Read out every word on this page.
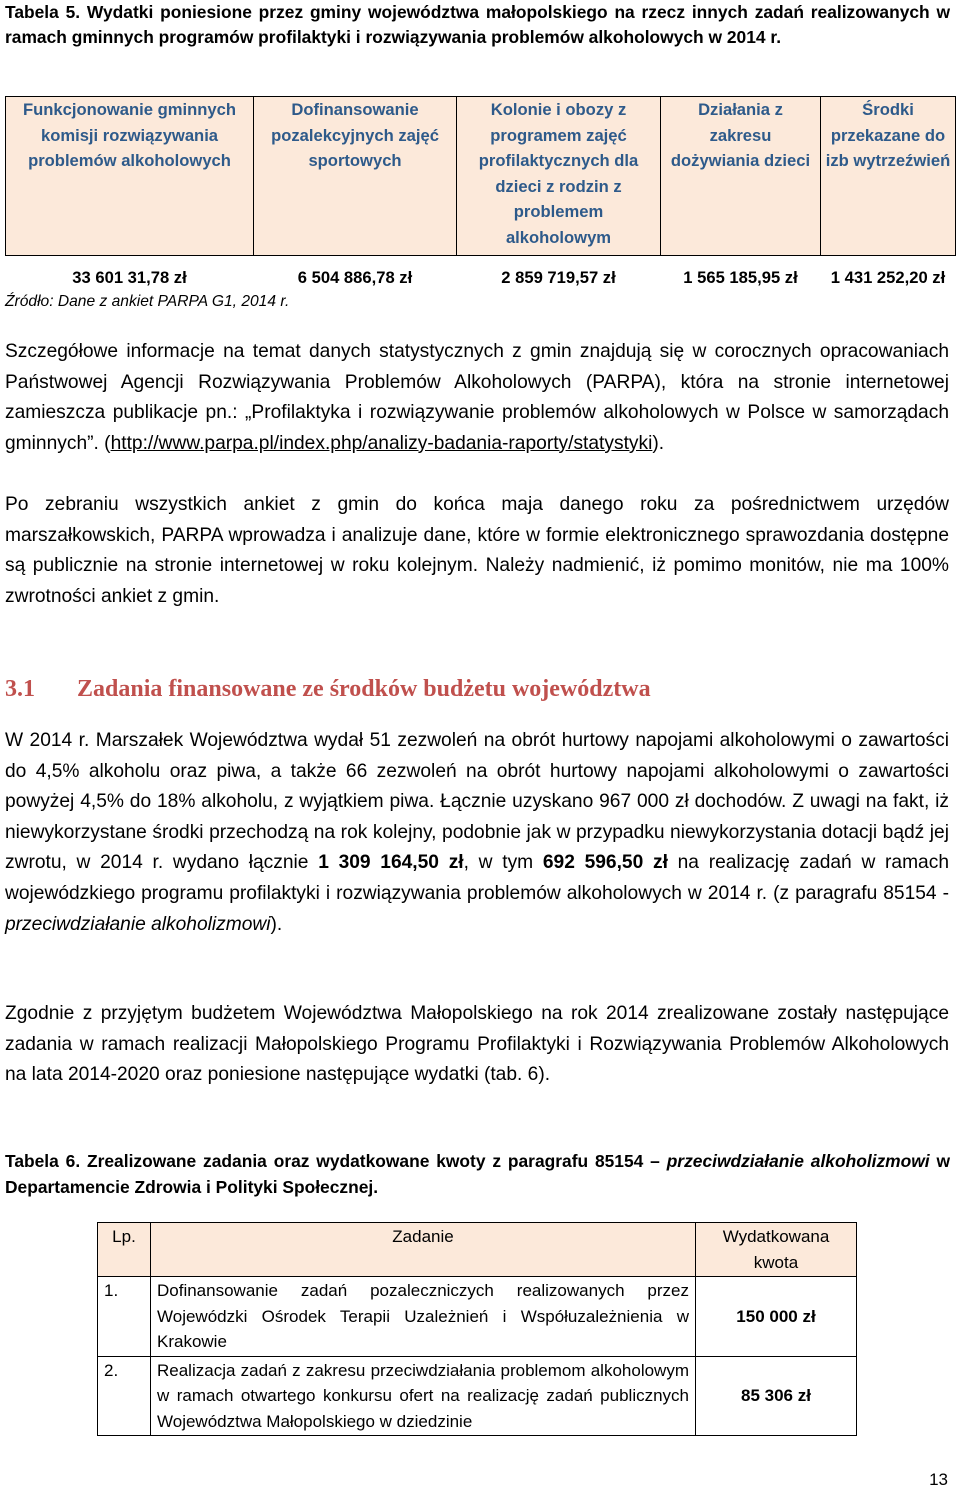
Tabela 5. Wydatki poniesione przez gminy województwa małopolskiego na rzecz innych zadań realizowanych w ramach gminnych programów profilaktyki i rozwiązywania problemów alkoholowych w 2014 r.
Funkcjonowanie gminnych komisji rozwiązywania problemów alkoholowych	Dofinansowanie pozalekcyjnych zajęć sportowych	Kolonie i obozy z programem zajęć profilaktycznych dla dzieci z rodzin z problemem alkoholowym	Działania z zakresu dożywiania dzieci	Środki przekazane do izb wytrzeźwień
33 601 31,78 zł	6 504 886,78 zł	2 859 719,57 zł	1 565 185,95 zł	1 431 252,20 zł
Źródło: Dane z ankiet PARPA G1, 2014 r.
Szczegółowe informacje na temat danych statystycznych z gmin znajdują się w corocznych opracowaniach Państwowej Agencji Rozwiązywania Problemów Alkoholowych (PARPA), która na stronie internetowej zamieszcza publikacje pn.: „Profilaktyka i rozwiązywanie problemów alkoholowych w Polsce w samorządach gminnych”. (http://www.parpa.pl/index.php/analizy-badania-raporty/statystyki).
Po zebraniu wszystkich ankiet z gmin do końca maja danego roku za pośrednictwem urzędów marszałkowskich, PARPA wprowadza i analizuje dane, które w formie elektronicznego sprawozdania dostępne są publicznie na stronie internetowej w roku kolejnym. Należy nadmienić, iż pomimo monitów, nie ma 100% zwrotności ankiet z gmin.
3.1 Zadania finansowane ze środków budżetu województwa
W 2014 r. Marszałek Województwa wydał 51 zezwoleń na obrót hurtowy napojami alkoholowymi o zawartości do 4,5% alkoholu oraz piwa, a także 66 zezwoleń na obrót hurtowy napojami alkoholowymi o zawartości powyżej 4,5% do 18% alkoholu, z wyjątkiem piwa. Łącznie uzyskano 967 000 zł dochodów. Z uwagi na fakt, iż niewykorzystane środki przechodzą na rok kolejny, podobnie jak w przypadku niewykorzystania dotacji bądź jej zwrotu, w 2014 r. wydano łącznie 1 309 164,50 zł, w tym 692 596,50 zł na realizację zadań w ramach wojewódzkiego programu profilaktyki i rozwiązywania problemów alkoholowych w 2014 r. (z paragrafu 85154 - przeciwdziałanie alkoholizmowi).
Zgodnie z przyjętym budżetem Województwa Małopolskiego na rok 2014 zrealizowane zostały następujące zadania w ramach realizacji Małopolskiego Programu Profilaktyki i Rozwiązywania Problemów Alkoholowych na lata 2014-2020 oraz poniesione następujące wydatki (tab. 6).
Tabela 6. Zrealizowane zadania oraz wydatkowane kwoty z paragrafu 85154 – przeciwdziałanie alkoholizmowi w Departamencie Zdrowia i Polityki Społecznej.
Lp.	Zadanie	Wydatkowana kwota
1.	Dofinansowanie zadań pozaleczniczych realizowanych przez Wojewódzki Ośrodek Terapii Uzależnień i Współuzależnienia w Krakowie	150 000 zł
2.	Realizacja zadań z zakresu przeciwdziałania problemom alkoholowym w ramach otwartego konkursu ofert na realizację zadań publicznych Województwa Małopolskiego w dziedzinie	85 306 zł
13
